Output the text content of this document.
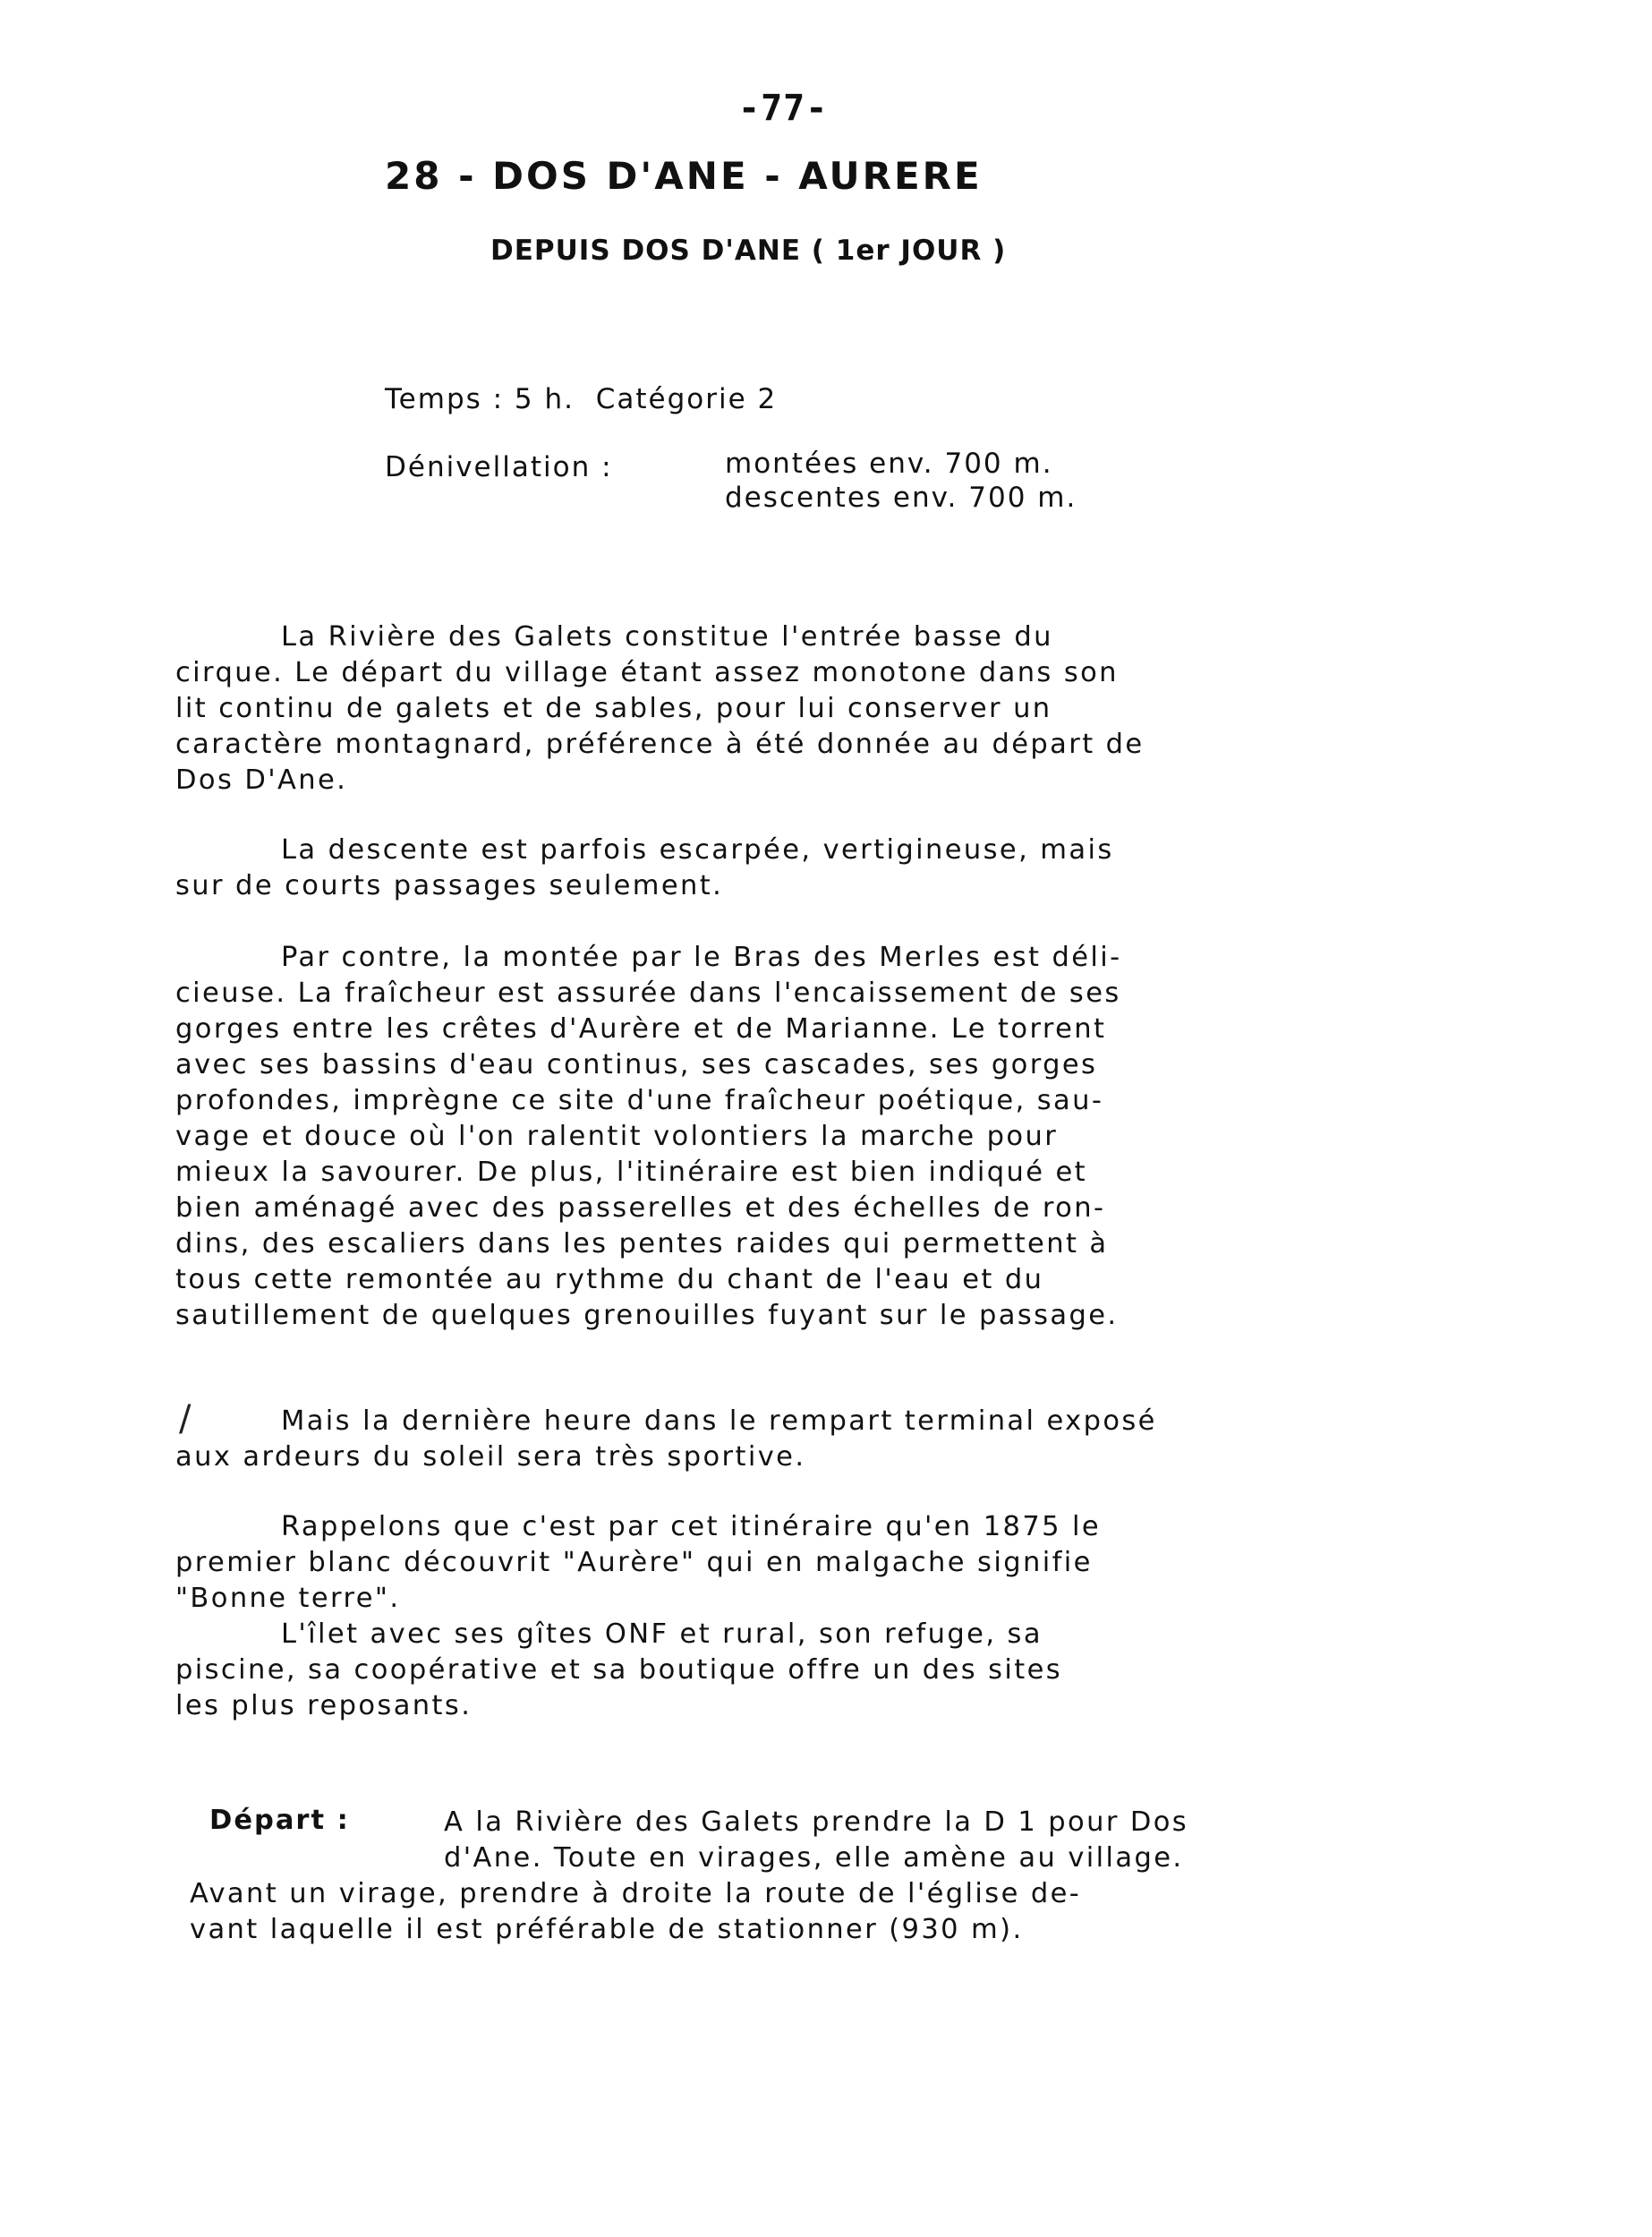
-77-
28 - DOS D'ANE - AURERE
DEPUIS DOS D'ANE ( 1er JOUR )
Temps : 5 h.  Catégorie 2
Dénivellation :	montées env. 700 m.
descentes env. 700 m.
La Rivière des Galets constitue l'entrée basse du
cirque. Le départ du village étant assez monotone dans son
lit continu de galets et de sables, pour lui conserver un
caractère montagnard, préférence à été donnée au départ de
Dos D'Ane.
La descente est parfois escarpée, vertigineuse, mais
sur de courts passages seulement.
Par contre, la montée par le Bras des Merles est déli-
cieuse. La fraîcheur est assurée dans l'encaissement de ses
gorges entre les crêtes d'Aurère et de Marianne. Le torrent
avec ses bassins d'eau continus, ses cascades, ses gorges
profondes, imprègne ce site d'une fraîcheur poétique, sau-
vage et douce où l'on ralentit volontiers la marche pour
mieux la savourer. De plus, l'itinéraire est bien indiqué et
bien aménagé avec des passerelles et des échelles de ron-
dins, des escaliers dans les pentes raides qui permettent à
tous cette remontée au rythme du chant de l'eau et du
sautillement de quelques grenouilles fuyant sur le passage.
Mais la dernière heure dans le rempart terminal exposé
aux ardeurs du soleil sera très sportive.
Rappelons que c'est par cet itinéraire qu'en 1875 le
premier blanc découvrit "Aurère" qui en malgache signifie
"Bonne terre".
L'îlet avec ses gîtes ONF et rural, son refuge, sa
piscine, sa coopérative et sa boutique offre un des sites
les plus reposants.
Départ :	A la Rivière des Galets prendre la D 1 pour Dos
d'Ane. Toute en virages, elle amène au village.
Avant un virage, prendre à droite la route de l'église de-
vant laquelle il est préférable de stationner (930 m).
/
